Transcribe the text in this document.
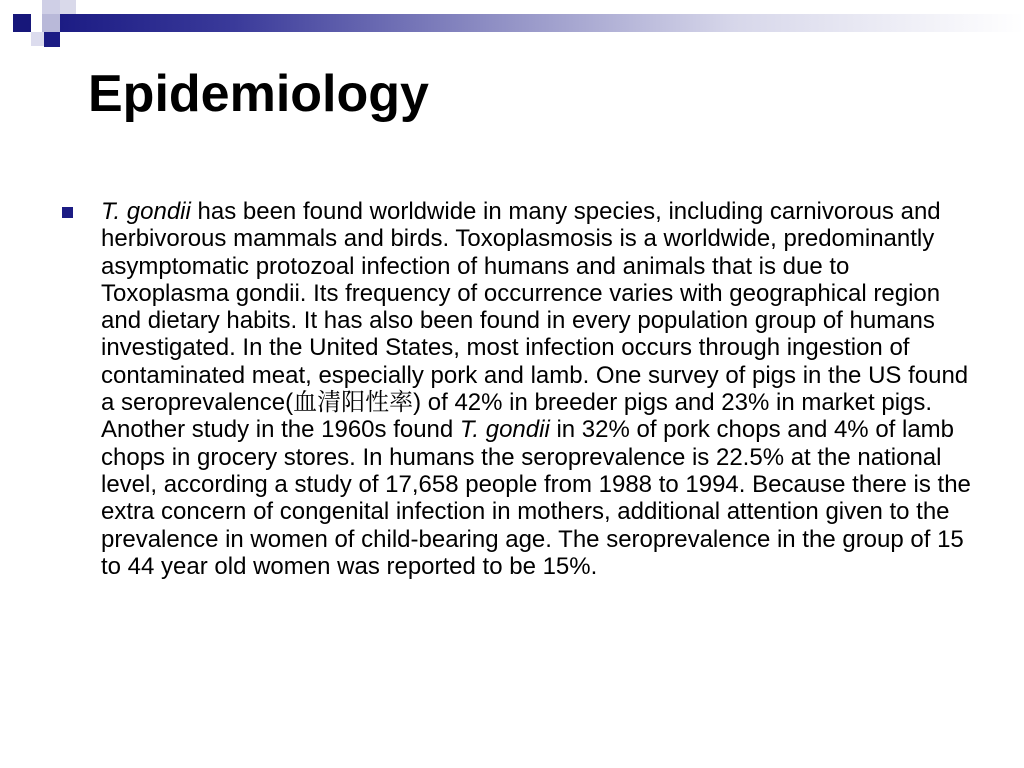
Epidemiology

T. gondii has been found worldwide in many species, including carnivorous and herbivorous mammals and birds. Toxoplasmosis is a worldwide, predominantly asymptomatic protozoal infection of humans and animals that is due to Toxoplasma gondii. Its frequency of occurrence varies with geographical region and dietary habits. It has also been found in every population group of humans investigated. In the United States, most infection occurs through ingestion of contaminated meat, especially pork and lamb. One survey of pigs in the US found a seroprevalence(血清阳性率) of 42% in breeder pigs and 23% in market pigs. Another study in the 1960s found T. gondii in 32% of pork chops and 4% of lamb chops in grocery stores. In humans the seroprevalence is 22.5% at the national level, according a study of 17,658 people from 1988 to 1994. Because there is the extra concern of congenital infection in mothers, additional attention given to the prevalence in women of child-bearing age. The seroprevalence in the group of 15 to 44 year old women was reported to be 15%.
